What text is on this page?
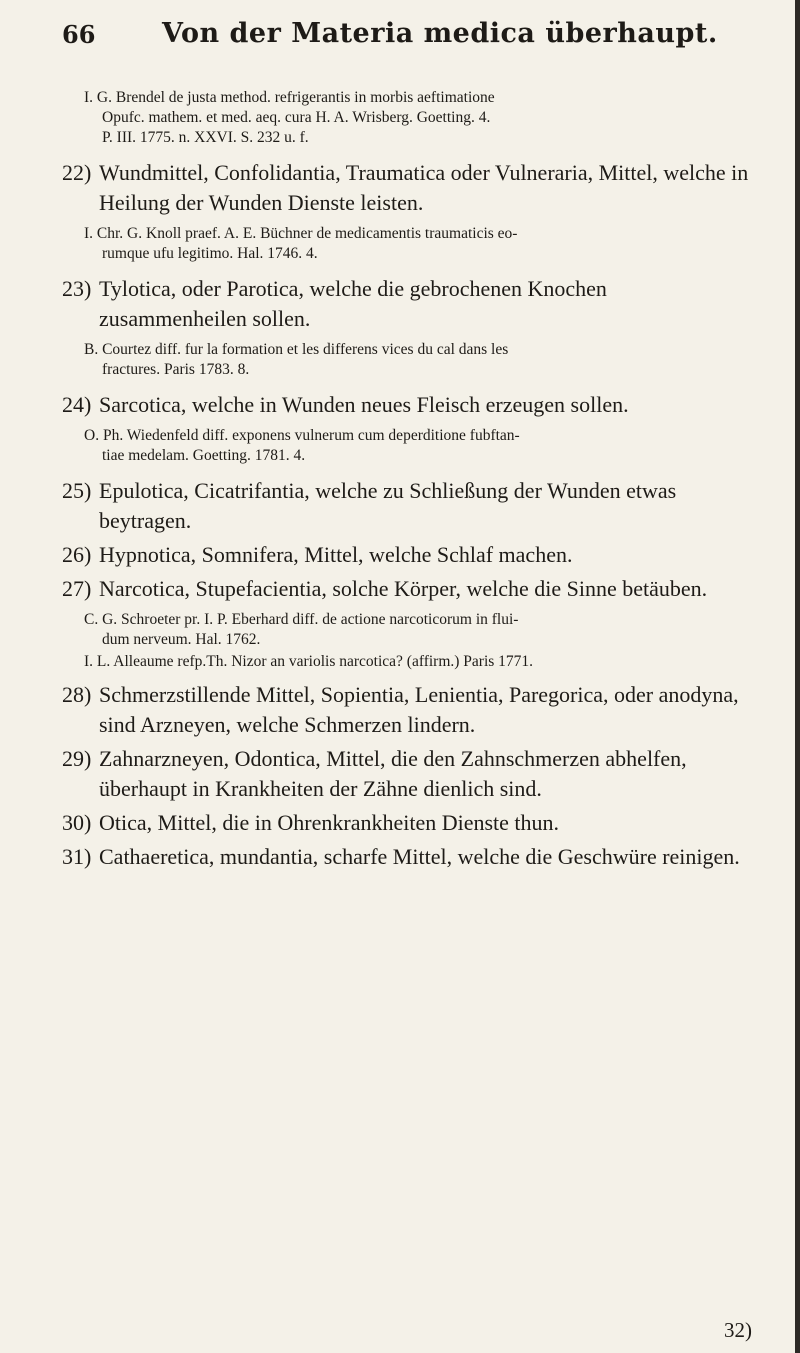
66 Von der Materia medica überhaupt.

I. G. Brendel de justa method. refrigerantis in morbis aeftimatione
Opufc. mathem. et med. aeq. cura H. A. Wrisberg. Goetting. 4.
P. III. 1775. n. XXVI. S. 232 u. f.

22) Wundmittel, Confolidantia, Traumatica oder Vulneraria, Mittel, welche in Heilung der Wunden Dienste leisten.

I. Chr. G. Knoll praef. A. E. Büchner de medicamentis traumaticis eo-
rumque ufu legitimo. Hal. 1746. 4.

23) Tylotica, oder Parotica, welche die gebrochenen Knochen zusammenheilen sollen.

B. Courtez diff. fur la formation et les differens vices du cal dans les
fractures. Paris 1783. 8.

24) Sarcotica, welche in Wunden neues Fleisch erzeugen sollen.

O. Ph. Wiedenfeld diff. exponens vulnerum cum deperditione fubftan-
tiae medelam. Goetting. 1781. 4.

25) Epulotica, Cicatrifantia, welche zu Schließung der Wunden etwas beytragen.

26) Hypnotica, Somnifera, Mittel, welche Schlaf machen.

27) Narcotica, Stupefacientia, solche Körper, welche die Sinne betäuben.

C. G. Schroeter pr. I. P. Eberhard diff. de actione narcoticorum in flui-
dum nerveum. Hal. 1762.

I. L. Alleaume refp.Th. Nizor an variolis narcotica? (affirm.) Paris 1771.

28) Schmerzstillende Mittel, Sopientia, Lenientia, Paregorica, oder anodyna, sind Arzneyen, welche Schmerzen lindern.

29) Zahnarzneyen, Odontica, Mittel, die den Zahnschmerzen abhelfen, überhaupt in Krankheiten der Zähne dienlich sind.

30) Otica, Mittel, die in Ohrenkrankheiten Dienste thun.

31) Cathaeretica, mundantia, scharfe Mittel, welche die Geschwüre reinigen.

32)
